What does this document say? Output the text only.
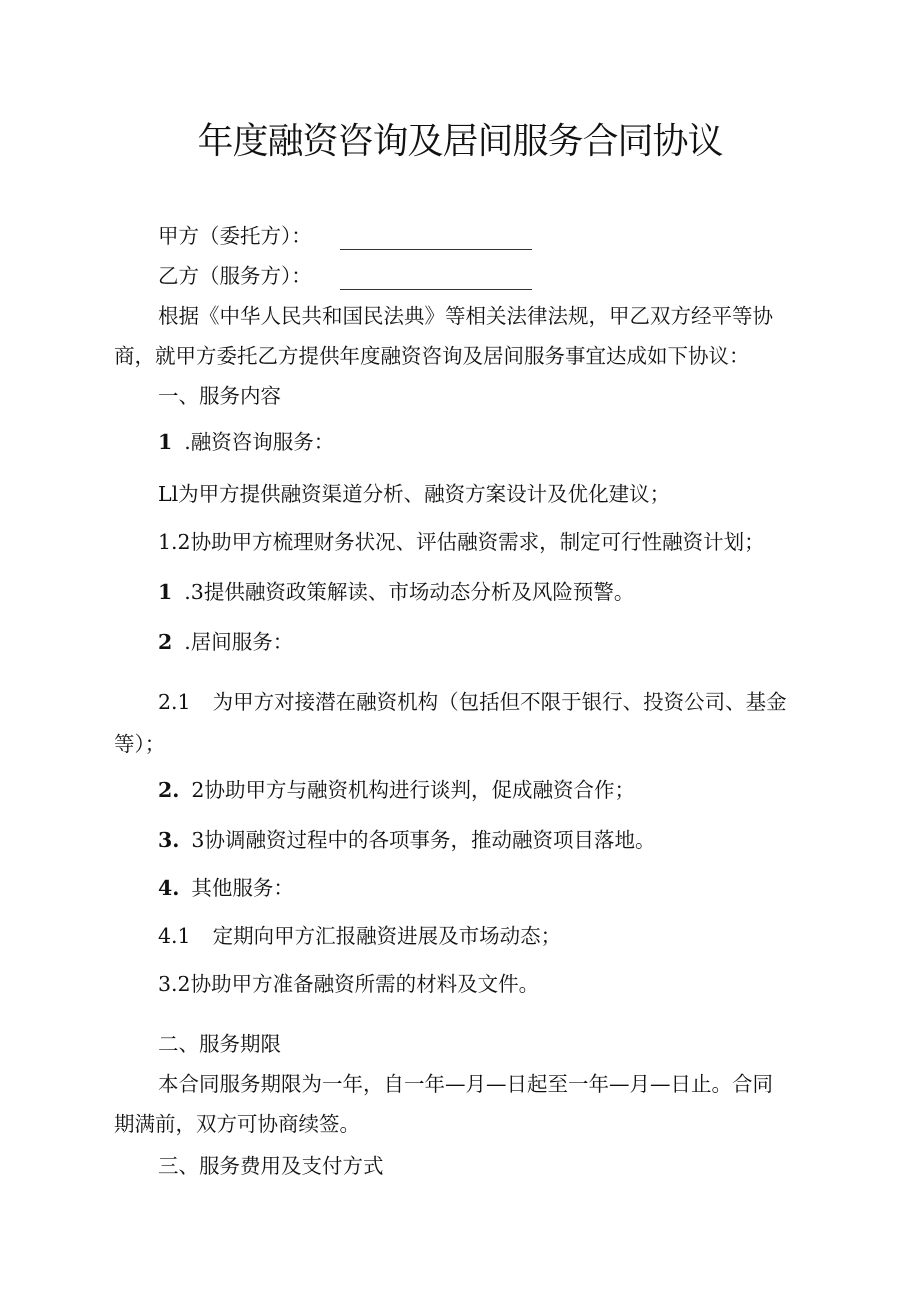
年度融资咨询及居间服务合同协议
甲方（委托方）：
乙方（服务方）：
根据《中华人民共和国民法典》等相关法律法规，甲乙双方经平等协
商，就甲方委托乙方提供年度融资咨询及居间服务事宜达成如下协议：
一、服务内容
1 .融资咨询服务：
Ll为甲方提供融资渠道分析、融资方案设计及优化建议；
1.2协助甲方梳理财务状况、评估融资需求，制定可行性融资计划；
1 .3提供融资政策解读、市场动态分析及风险预警。
2 .居间服务：
2.1 为甲方对接潜在融资机构（包括但不限于银行、投资公司、基金
等）；
2. 2协助甲方与融资机构进行谈判，促成融资合作；
3. 3协调融资过程中的各项事务，推动融资项目落地。
4. 其他服务：
4.1 定期向甲方汇报融资进展及市场动态；
3.2协助甲方准备融资所需的材料及文件。
二、服务期限
本合同服务期限为一年，自一年—月—日起至一年—月—日止。合同
期满前，双方可协商续签。
三、服务费用及支付方式
